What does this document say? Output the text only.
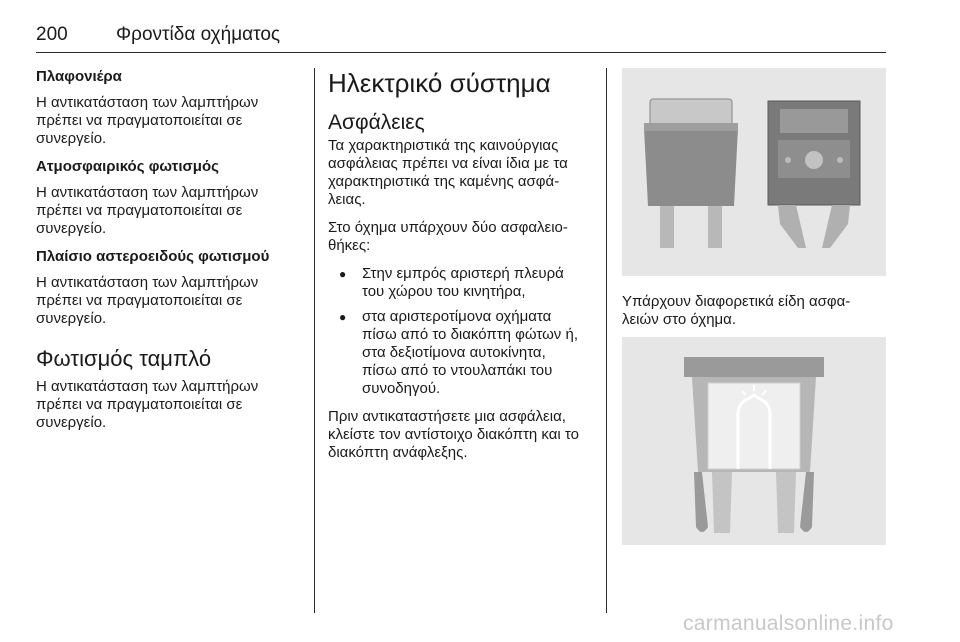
200	Φροντίδα οχήματος
Πλαφονιέρα
Η αντικατάσταση των λαμπτήρων
πρέπει να πραγματοποιείται σε
συνεργείο.
Ατμοσφαιρικός φωτισμός
Η αντικατάσταση των λαμπτήρων
πρέπει να πραγματοποιείται σε
συνεργείο.
Πλαίσιο αστεροειδούς φωτισμού
Η αντικατάσταση των λαμπτήρων
πρέπει να πραγματοποιείται σε
συνεργείο.
Φωτισμός ταμπλό
Η αντικατάσταση των λαμπτήρων
πρέπει να πραγματοποιείται σε
συνεργείο.
Ηλεκτρικό σύστημα
Ασφάλειες
Τα χαρακτηριστικά της καινούργιας
ασφάλειας πρέπει να είναι ίδια με τα
χαρακτηριστικά της καμένης ασφά-
λειας.
Στο όχημα υπάρχουν δύο ασφαλειο-
θήκες:
● Στην εμπρός αριστερή πλευρά
του χώρου του κινητήρα,
● στα αριστεροτίμονα οχήματα
πίσω από το διακόπτη φώτων ή,
στα δεξιοτίμονα αυτοκίνητα,
πίσω από το ντουλαπάκι του
συνοδηγού.
Πριν αντικαταστήσετε μια ασφάλεια,
κλείστε τον αντίστοιχο διακόπτη και το
διακόπτη ανάφλεξης.
Υπάρχουν διαφορετικά είδη ασφα-
λειών στο όχημα.
carmanualsonline.info
